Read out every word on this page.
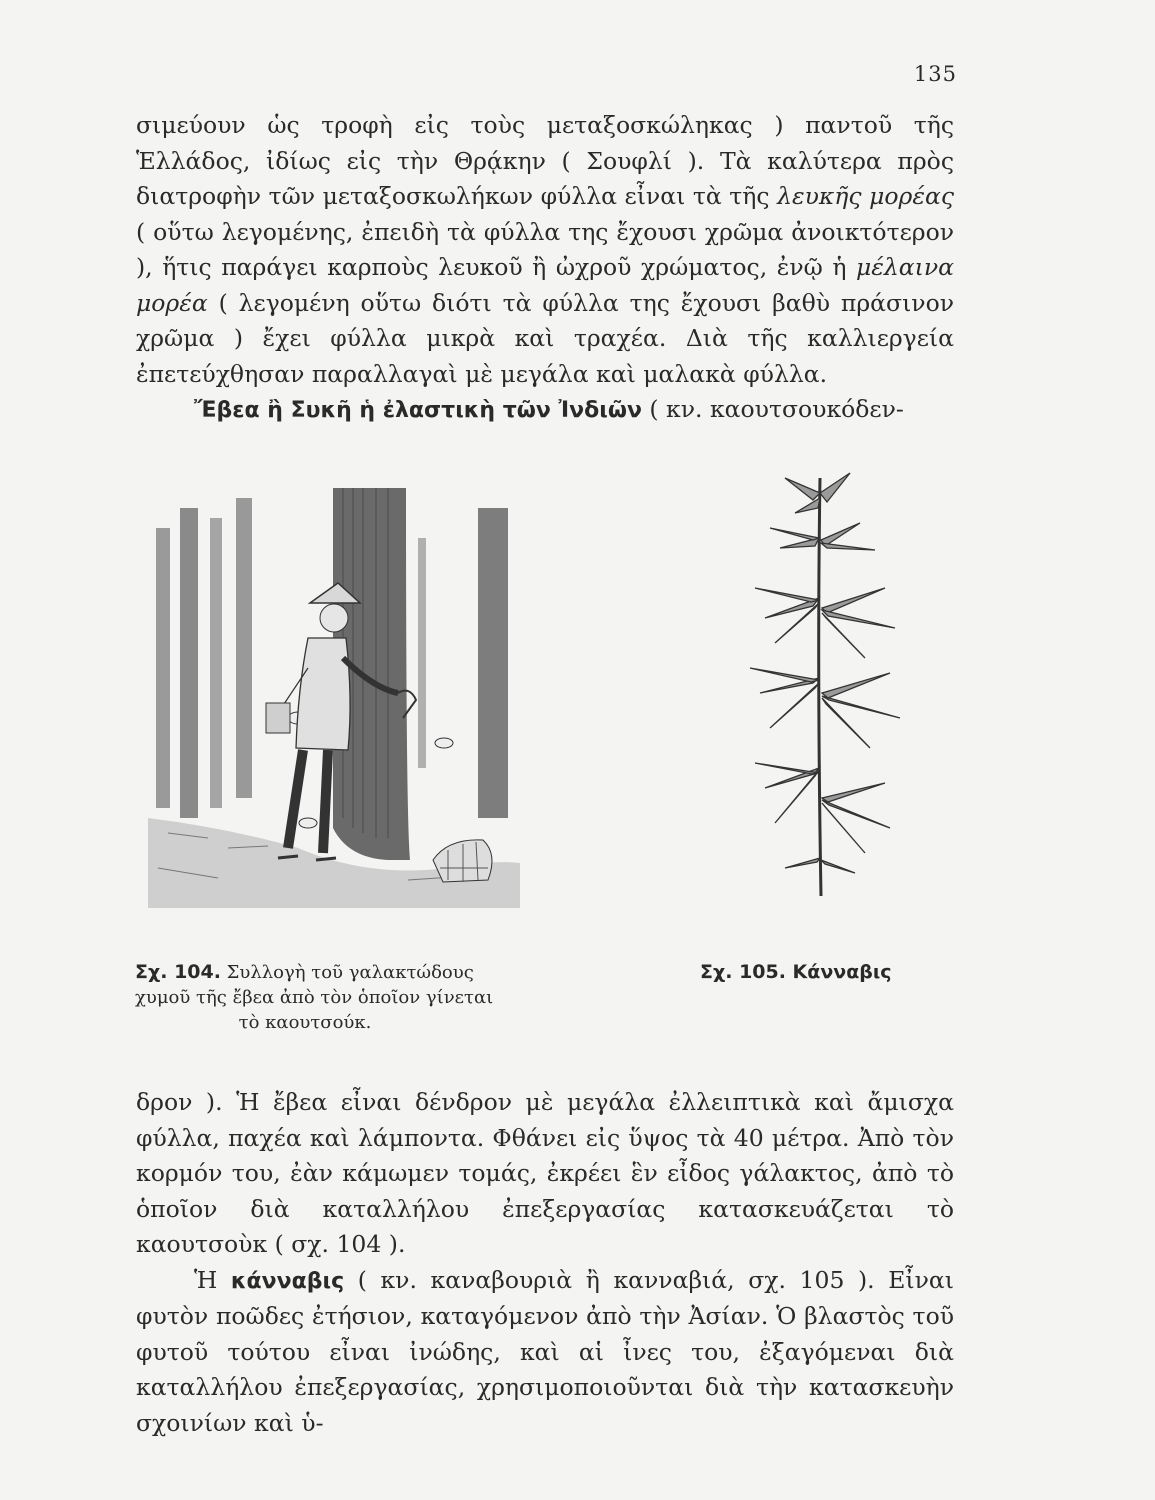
135

σιμεύουν ὡς τροφὴ εἰς τοὺς μεταξοσκώληκας ) παντοῦ τῆς Ἑλλάδος, ἰδίως εἰς τὴν Θρᾴκην ( Σουφλί ). Τὰ καλύτερα πρὸς διατροφὴν τῶν μεταξοσκωλήκων φύλλα εἶναι τὰ τῆς λευκῆς μορέας ( οὕτω λεγομένης, ἐπειδὴ τὰ φύλλα της ἔχουσι χρῶμα ἀνοικτότερον ), ἥτις παράγει καρποὺς λευκοῦ ἢ ὠχροῦ χρώματος, ἐνῷ ἡ μέλαινα μορέα ( λεγομένη οὕτω διότι τὰ φύλλα της ἔχουσι βαθὺ πράσινον χρῶμα ) ἔχει φύλλα μικρὰ καὶ τραχέα. Διὰ τῆς καλλιεργεία ἐπετεύχθησαν παραλλαγαὶ μὲ μεγάλα καὶ μαλακὰ φύλλα.

Ἔβεα ἢ Συκῆ ἡ ἐλαστικὴ τῶν Ἰνδιῶν ( κν. καουτσουκόδεν-

Σχ. 104. Συλλογὴ τοῦ γαλακτώδους
χυμοῦ τῆς ἔβεα ἀπὸ τὸν ὁποῖον γίνεται
τὸ καουτσούκ.
Σχ. 105. Κάνναβις

δρον ). Ἡ ἔβεα εἶναι δένδρον μὲ μεγάλα ἐλλειπτικὰ καὶ ἄμισχα φύλλα, παχέα καὶ λάμποντα. Φθάνει εἰς ὕψος τὰ 40 μέτρα. Ἀπὸ τὸν κορμόν του, ἐὰν κάμωμεν τομάς, ἐκρέει ἓν εἶδος γάλακτος, ἀπὸ τὸ ὁποῖον διὰ καταλλήλου ἐπεξεργασίας κατασκευάζεται τὸ καουτσοὺκ ( σχ. 104 ).

Ἡ κάνναβις ( κν. καναβουριὰ ἢ κανναβιά, σχ. 105 ). Εἶναι φυτὸν ποῶδες ἐτήσιον, καταγόμενον ἀπὸ τὴν Ἀσίαν. Ὁ βλαστὸς τοῦ φυτοῦ τούτου εἶναι ἰνώδης, καὶ αἱ ἶνες του, ἐξαγόμεναι διὰ καταλλήλου ἐπεξεργασίας, χρησιμοποιοῦνται διὰ τὴν κατασκευὴν σχοινίων καὶ ὑ-
